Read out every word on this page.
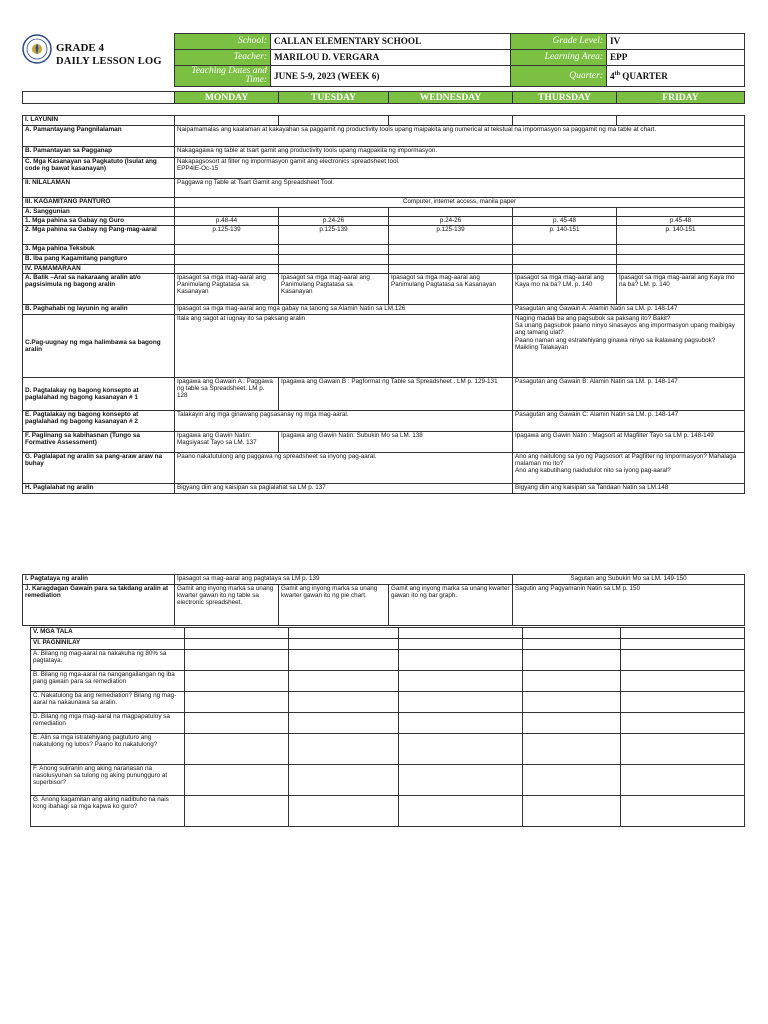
GRADE 4
DAILY LESSON LOG
School:	CALLAN ELEMENTARY SCHOOL	Grade Level:	IV
Teacher:	MARILOU D. VERGARA	Learning Area:	EPP
Teaching Dates and Time:	JUNE 5-9, 2023 (WEEK 6)	Quarter:	4th QUARTER
	MONDAY	TUESDAY	WEDNESDAY	THURSDAY	FRIDAY
I. LAYUNIN					
A. Pamantayang Pangnilalaman	Naipamamalas ang kaalaman at kakayahan sa paggamit ng productivity tools upang maipakita ang numerical at tekstual na impormasyon sa paggamit ng ma table at chart.				
B. Pamantayan sa Pagganap	Nakagagawa ng table at tsart gamit ang productivity tools upang magpakita ng impormasyon.				
C. Mga Kasanayan sa Pagkatuto (Isulat ang code ng bawat kasanayan)	Nakapagsosort at filter ng impormasyon gamit ang electronics spreadsheet tool.
EPP4IE-Oc-15				

II. NILALAMAN	Paggawa ng Table at Tsart Gamit ang Spreadsheet Tool.				
III. KAGAMITANG PANTURO	Computer, internet access, manila paper				
A. Sanggunian					
1. Mga pahina sa Gabay ng Guro	p.48-44	p.24-26	p.24-26	p. 45-48	p.45-48
2. Mga pahina sa Gabay ng Pang-mag-aaral	p.125-139	p.125-139	p.125-139	p. 140-151	p. 140-151
3. Mga pahina Teksbuk					
B. Iba pang Kagamitang pangturo					
IV. PAMAMARAAN					
A. Balik –Aral sa nakaraang aralin at/o pagsisimula ng bagong aralin	Ipasagot sa mga mag-aaral ang Panimulang Pagtatasa sa Kasanayan	Ipasagot sa mga mag-aaral ang Panimulang Pagtatasa sa Kasanayan	Ipasagot sa mga mag-aaral ang Panimulang Pagtatasa sa Kasanayan	Ipasagot sa mga mag-aaral ang Kaya mo na ba? LM. p. 140	Ipasagot sa mga mag-aaral ang Kaya mo na ba? LM. p. 140
B. Paghahabi ng layunin ng aralin	Ipasagot sa mga mag-aaral ang mga gabay na tanong sa Alamin Natin sa LM.126			Pasagutan ang Gawain A: Alamin Natin sa LM. p. 148-147	
C.Pag-uugnay ng mga halimbawa sa bagong aralin	Itala ang sagot at iugnay ito sa paksang aralin			Naging madali ba ang pagsubok sa paksang ito? Bakit?
Sa unang pagsubok paano ninyo sinasayos ang impormasyon upang maibigay ang tamang ulat?
Paano naman ang estratehiyang ginawa ninyo sa ikalawang pagsubok?
Maikling Talakayan	

D. Pagtalakay ng bagong konsepto at paglalahad ng bagong kasanayan # 1	Ipagawa ang Gawain A : Paggawa ng table sa Spreadsheet. LM p. 128	Ipagawa ang Gawain B : Pagformat ng Table sa Spreadsheet . LM p. 129-131		Pasagutan ang Gawain B: Alamin Natin sa LM. p. 148-147	
E. Pagtalakay ng bagong konsepto at paglalahad ng bagong kasanayan # 2	Talakayin ang mga ginawang pagsasanay ng mga mag-aaral.			Pasagutan ang Gawain C: Alamin Natin sa LM. p. 148-147	
F. Paglinang sa kabihasnan (Tungo sa Formative Assessment)	Ipagawa ang Gawin Natin: Magsiyasat Tayo sa LM. 137	Ipagawa ang Gawin Natin: Subukin Mo sa LM. 138		Ipagawa ang Gawin Natin : Magsort at Magfilter Tayo sa LM p. 148-149	
G. Paglalapat ng aralin sa pang-araw araw na buhay	Paano nakatutulong ang paggawa ng spreadsheet sa inyong pag-aaral.			Ano ang naitulong sa iyo ng Pagsosort at Pagfilter ng Impormasyon? Mahalaga malaman mo ito?
Ano ang kabutihang naidudulot nito sa iyong pag-aaral?	

H. Paglalahat ng aralin	Bigyang diin ang kaisipan sa paglalahat sa LM p. 137			Bigyang diin ang kaisipan sa Tandaan Natin sa LM.148	
I. Pagtataya ng aralin	Ipasagot sa mag-aaral ang pagtataya sa LM p. 139			Sagutan ang Subukin Mo sa LM. 149-150
J. Karagdagan Gawain para sa takdang aralin at remediation	Gamit ang inyong marka sa unang kwarter gawan ito ng table sa electronic spreadsheet.	Gamit ang inyong marka sa unang kwarter gawan ito ng pie chart.	Gamit ang inyong marka sa unang kwarter gawan ito ng bar graph.	Sagutin ang Pagyamanin Natin sa LM p. 150
V. MGA TALA					
VI. PAGNINILAY					
A. Bilang ng mag-aaral na nakakuha ng 80% sa pagtataya.					
B. Bilang ng mga-aaral na nangangailangan ng iba pang gawain para sa remediation					
C. Nakatulong ba ang remediation? Bilang ng mag-aaral na nakaunawa sa aralin.					
D. Bilang ng mga mag-aaral na magpapatuloy sa remediation					
E. Alin sa mga istratehiyang pagtuturo ang nakatulong ng lubos? Paano ito nakatulong?					
F. Anong suliranin ang aking naranasan na nasolusyunan sa tulong ng aking punungguro at superbisor?					
G. Anong kagamitan ang aking nadibuho na nais kong ibahagi sa mga kapwa ko guro?					
